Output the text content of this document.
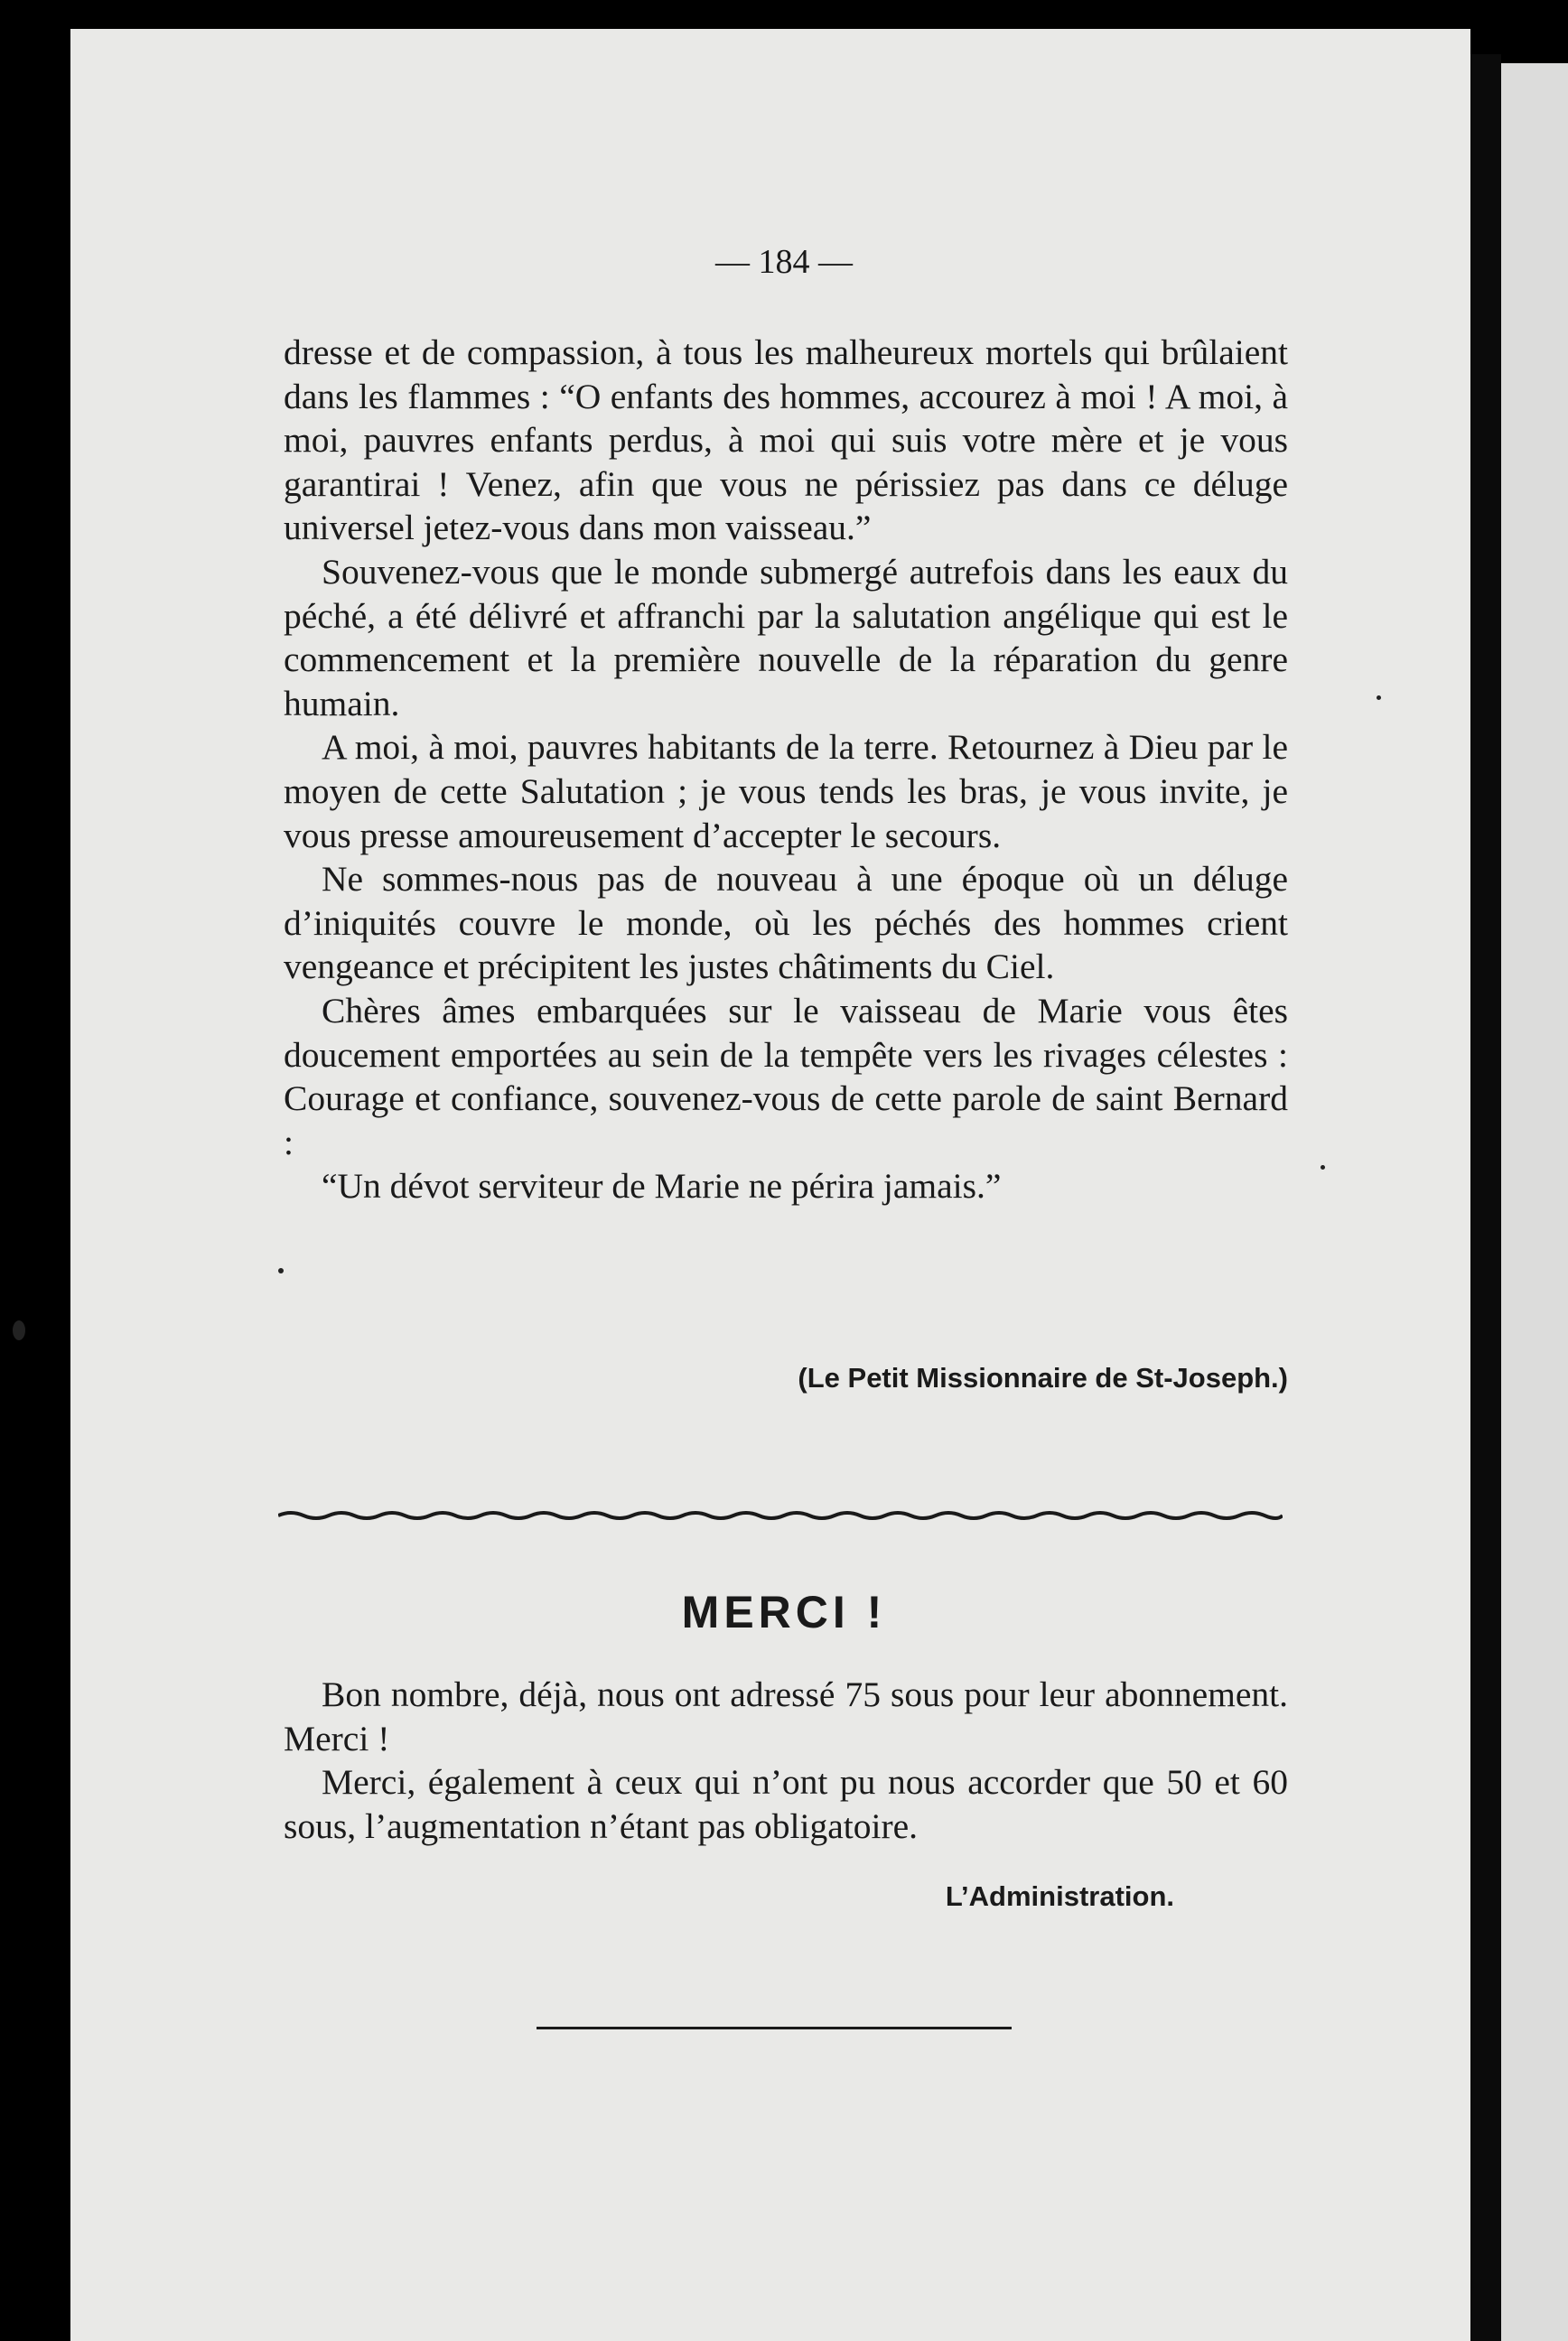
— 184 —

dresse et de compassion, à tous les malheureux mortels qui brûlaient dans les flammes : “O enfants des hommes, accourez à moi ! A moi, à moi, pauvres enfants perdus, à moi qui suis votre mère et je vous garantirai ! Venez, afin que vous ne périssiez pas dans ce déluge universel jetez-vous dans mon vaisseau.”

Souvenez-vous que le monde submergé autrefois dans les eaux du péché, a été délivré et affranchi par la salutation angélique qui est le commencement et la première nouvelle de la réparation du genre humain.

A moi, à moi, pauvres habitants de la terre. Retournez à Dieu par le moyen de cette Salutation ; je vous tends les bras, je vous invite, je vous presse amoureusement d’accepter le secours.

Ne sommes-nous pas de nouveau à une époque où un déluge d’iniquités couvre le monde, où les péchés des hommes crient vengeance et précipitent les justes châtiments du Ciel.

Chères âmes embarquées sur le vaisseau de Marie vous êtes doucement emportées au sein de la tempête vers les rivages célestes : Courage et confiance, souvenez-vous de cette parole de saint Bernard :

“Un dévot serviteur de Marie ne périra jamais.”

(Le Petit Missionnaire de St-Joseph.)
MERCI !

Bon nombre, déjà, nous ont adressé 75 sous pour leur abonnement. Merci !

Merci, également à ceux qui n’ont pu nous accorder que 50 et 60 sous, l’augmentation n’étant pas obligatoire.

L’Administration.
